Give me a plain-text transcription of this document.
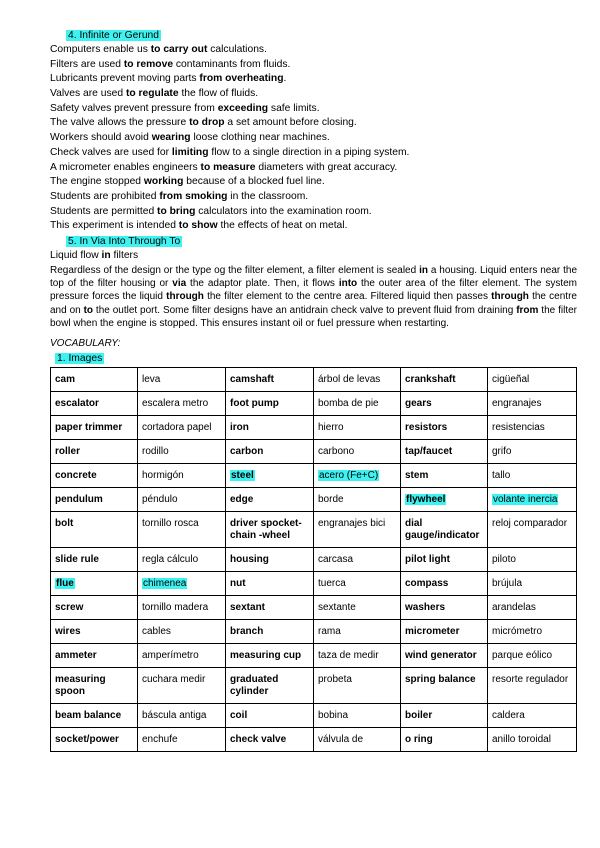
4. Infinite or Gerund
Computers enable us to carry out calculations.
Filters are used to remove contaminants from fluids.
Lubricants prevent moving parts from overheating.
Valves are used to regulate the flow of fluids.
Safety valves prevent pressure from exceeding safe limits.
The valve allows the pressure to drop a set amount before closing.
Workers should avoid wearing loose clothing near machines.
Check valves are used for limiting flow to a single direction in a piping system.
A micrometer enables engineers to measure diameters with great accuracy.
The engine stopped working because of a blocked fuel line.
Students are prohibited from smoking in the classroom.
Students are permitted to bring calculators into the examination room.
This experiment is intended to show the effects of heat on metal.
5. In Via Into Through To
Liquid flow in filters

Regardless of the design or the type og the filter element, a filter element is sealed in a housing. Liquid enters near the top of the filter housing or via the adaptor plate. Then, it flows into the outer area of the filter element. The system pressure forces the liquid through the filter element to the centre area. Filtered liquid then passes through the centre and on to the outlet port. Some filter designs have an antidrain check valve to prevent fluid from draining from the filter bowl when the engine is stopped. This ensures instant oil or fuel pressure when restarting.

VOCABULARY:
1. Images
cam	leva	camshaft	árbol de levas	crankshaft	cigüeñal
escalator	escalera metro	foot pump	bomba de pie	gears	engranajes
paper trimmer	cortadora papel	iron	hierro	resistors	resistencias
roller	rodillo	carbon	carbono	tap/faucet	grifo
concrete	hormigón	steel	acero (Fe+C)	stem	tallo
pendulum	péndulo	edge	borde	flywheel	volante inercia
bolt	tornillo rosca	driver spocket-chain -wheel	engranajes bici	dial gauge/indicator	reloj comparador
slide rule	regla cálculo	housing	carcasa	pilot light	piloto
flue	chimenea	nut	tuerca	compass	brújula
screw	tornillo madera	sextant	sextante	washers	arandelas
wires	cables	branch	rama	micrometer	micrómetro
ammeter	amperímetro	measuring cup	taza de medir	wind generator	parque eólico
measuring spoon	cuchara medir	graduated cylinder	probeta	spring balance	resorte regulador
beam balance	báscula antiga	coil	bobina	boiler	caldera
socket/power	enchufe	check valve	válvula de	o ring	anillo toroidal
